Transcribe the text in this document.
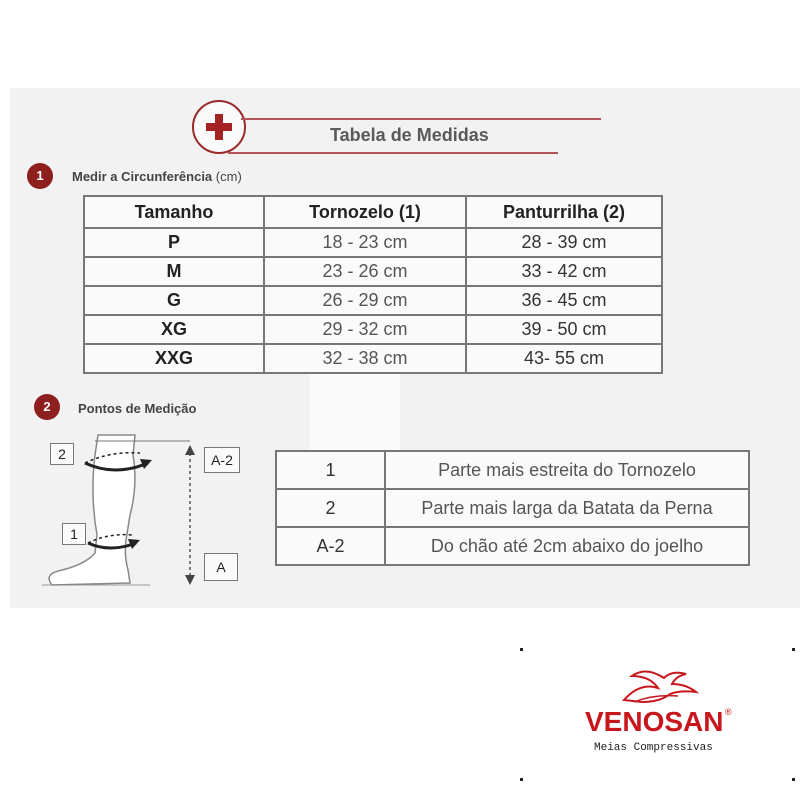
Tabela de Medidas
1	Medir a Circunferência (cm)
Tamanho	Tornozelo (1)	Panturrilha (2)
P	18 - 23 cm	28 - 39 cm
M	23 - 26 cm	33 - 42 cm
G	26 - 29 cm	36 - 45 cm
XG	29 - 32 cm	39 - 50 cm
XXG	32 - 38 cm	43- 55 cm
2	Pontos de Medição
2
1
A-2
A
1	Parte mais estreita do Tornozelo
2	Parte mais larga da Batata da Perna
A-2	Do chão até 2cm abaixo do joelho
VENOSAN ®
Meias Compressivas
